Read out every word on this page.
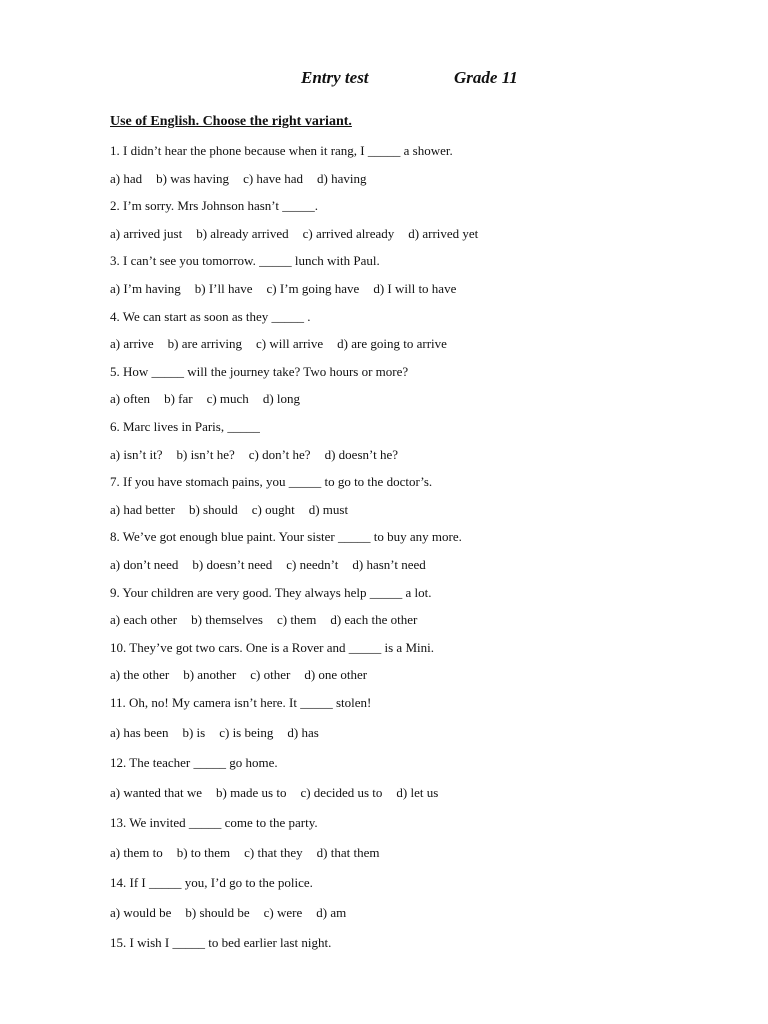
Entry test	Grade 11
Use of English. Choose the right variant.
1. I didn’t hear the phone because when it rang, I _____ a shower.
a) had b) was having c) have had d) having
2. I’m sorry. Mrs Johnson hasn’t _____.
a) arrived just b) already arrived c) arrived already d) arrived yet
3. I can’t see you tomorrow. _____ lunch with Paul.
a) I’m having b) I’ll have c) I’m going have d) I will to have
4. We can start as soon as they _____ .
a) arrive b) are arriving c) will arrive d) are going to arrive
5. How _____ will the journey take? Two hours or more?
a) often b) far c) much d) long
6. Marc lives in Paris, _____
a) isn’t it? b) isn’t he? c) don’t he? d) doesn’t he?
7. If you have stomach pains, you _____ to go to the doctor’s.
a) had better b) should c) ought d) must
8. We’ve got enough blue paint. Your sister _____ to buy any more.
a) don’t need b) doesn’t need c) needn’t d) hasn’t need
9. Your children are very good. They always help _____ a lot.
a) each other b) themselves c) them d) each the other
10. They’ve got two cars. One is a Rover and _____ is a Mini.
a) the other b) another c) other d) one other
11. Oh, no! My camera isn’t here. It _____ stolen!
a) has been b) is c) is being d) has
12. The teacher _____ go home.
a) wanted that we b) made us to c) decided us to d) let us
13. We invited _____ come to the party.
a) them to b) to them c) that they d) that them
14. If I _____ you, I’d go to the police.
a) would be b) should be c) were d) am
15. I wish I _____ to bed earlier last night.
